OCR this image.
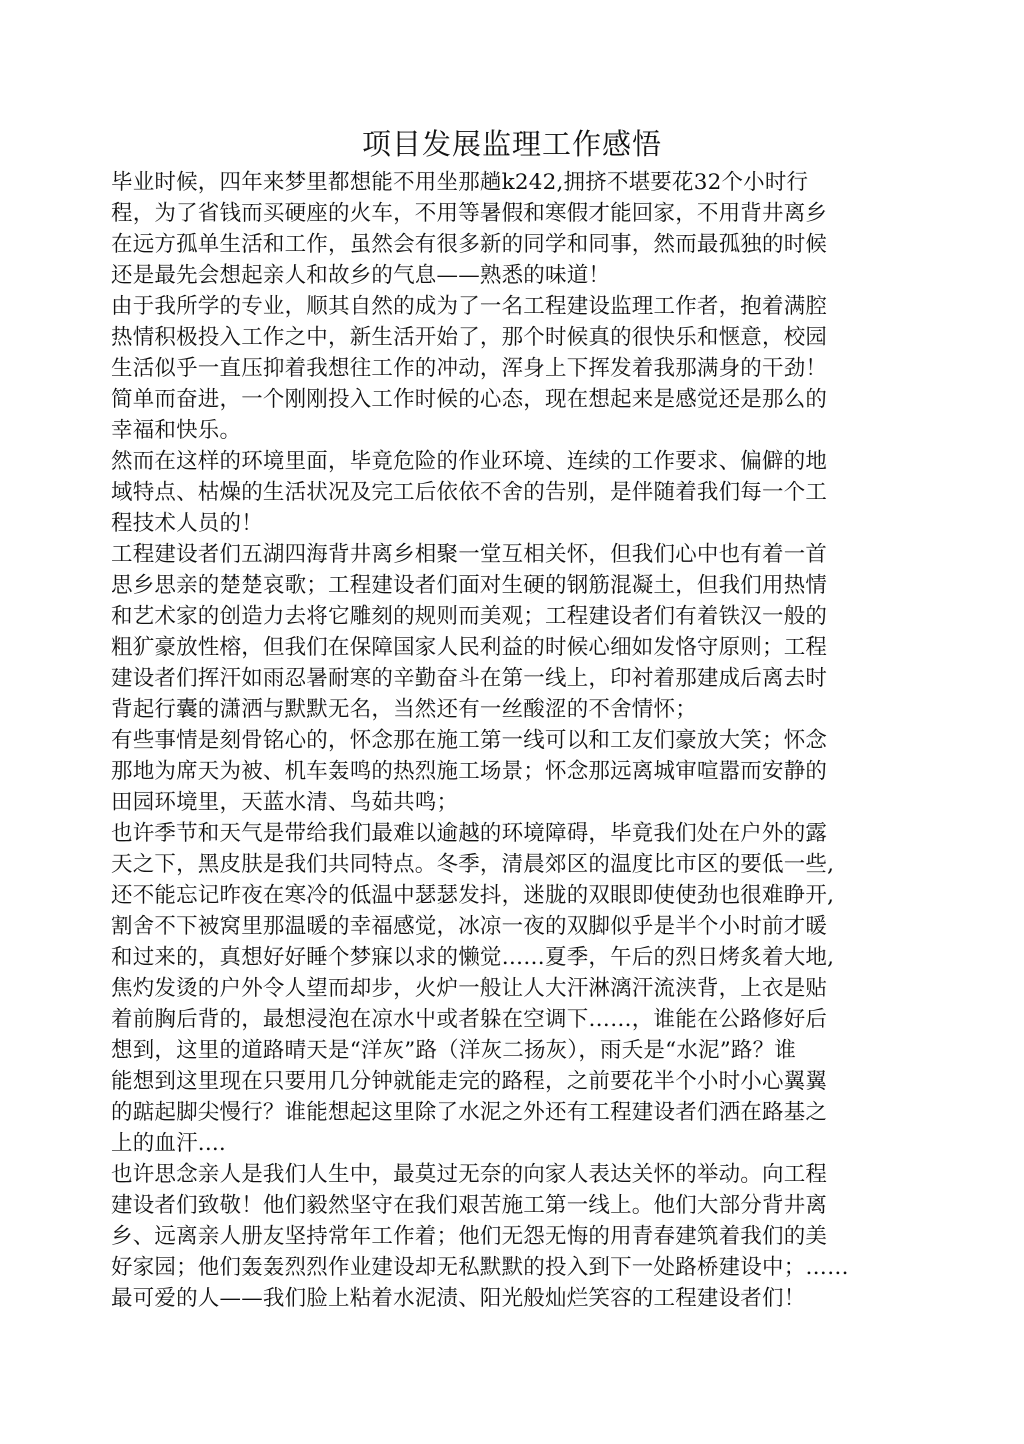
项目发展监理工作感悟
毕业时候，四年来梦里都想能不用坐那趟k242,拥挤不堪要花32个小时行
程，为了省钱而买硬座的火车，不用等暑假和寒假才能回家，不用背井离乡
在远方孤单生活和工作，虽然会有很多新的同学和同事，然而最孤独的时候
还是最先会想起亲人和故乡的气息——熟悉的味道！
由于我所学的专业，顺其自然的成为了一名工程建设监理工作者，抱着满腔
热情积极投入工作之中，新生活开始了，那个时候真的很快乐和惬意，校园
生活似乎一直压抑着我想往工作的冲动，浑身上下挥发着我那满身的干劲！
简单而奋进，一个刚刚投入工作时候的心态，现在想起来是感觉还是那么的
幸福和快乐。
然而在这样的环境里面，毕竟危险的作业环境、连续的工作要求、偏僻的地
域特点、枯燥的生活状况及完工后依依不舍的告别，是伴随着我们每一个工
程技术人员的！
工程建设者们五湖四海背井离乡相聚一堂互相关怀，但我们心中也有着一首
思乡思亲的楚楚哀歌；工程建设者们面对生硬的钢筋混凝土，但我们用热情
和艺术家的创造力去将它雕刻的规则而美观；工程建设者们有着铁汉一般的
粗犷豪放性榕，但我们在保障国家人民利益的时候心细如发恪守原则；工程
建设者们挥汗如雨忍暑耐寒的辛勤奋斗在第一线上，印衬着那建成后离去时
背起行囊的潇洒与默默无名，当然还有一丝酸涩的不舍情怀；
有些事情是刻骨铭心的，怀念那在施工第一线可以和工友们豪放大笑；怀念
那地为席天为被、机车轰鸣的热烈施工场景；怀念那远离城审喧嚣而安静的
田园环境里，天蓝水清、鸟茹共鸣；
也许季节和天气是带给我们最难以逾越的环境障碍，毕竟我们处在户外的露
天之下，黑皮肤是我们共同特点。冬季，清晨郊区的温度比市区的要低一些,
还不能忘记昨夜在寒冷的低温中瑟瑟发抖，迷胧的双眼即使使劲也很难睁开,
割舍不下被窝里那温暖的幸福感觉，冰凉一夜的双脚似乎是半个小时前才暖
和过来的，真想好好睡个梦寐以求的懒觉……夏季，午后的烈日烤炙着大地,
焦灼发烫的户外令人望而却步，火炉一般让人大汗淋漓汗流浃背，上衣是贴
着前胸后背的，最想浸泡在凉水屮或者躲在空调下……，谁能在公路修好后
想到，这里的道路晴天是“洋灰”路（洋灰二扬灰），雨夭是“水泥”路？谁
能想到这里现在只要用几分钟就能走完的路程，之前要花半个小时小心翼翼
的踮起脚尖慢行？谁能想起这里除了水泥之外还有工程建设者们洒在路基之
上的血汗....
也许思念亲人是我们人生中，最莫过无奈的向家人表达关怀的举动。向工程
建设者们致敬！他们毅然坚守在我们艰苦施工第一线上。他们大部分背井离
乡、远离亲人册友坚持常年工作着；他们无怨无悔的用青春建筑着我们的美
好家园；他们轰轰烈烈作业建设却无私默默的投入到下一处路桥建设中；……
最可爱的人——我们脸上粘着水泥渍、阳光般灿烂笑容的工程建设者们！
